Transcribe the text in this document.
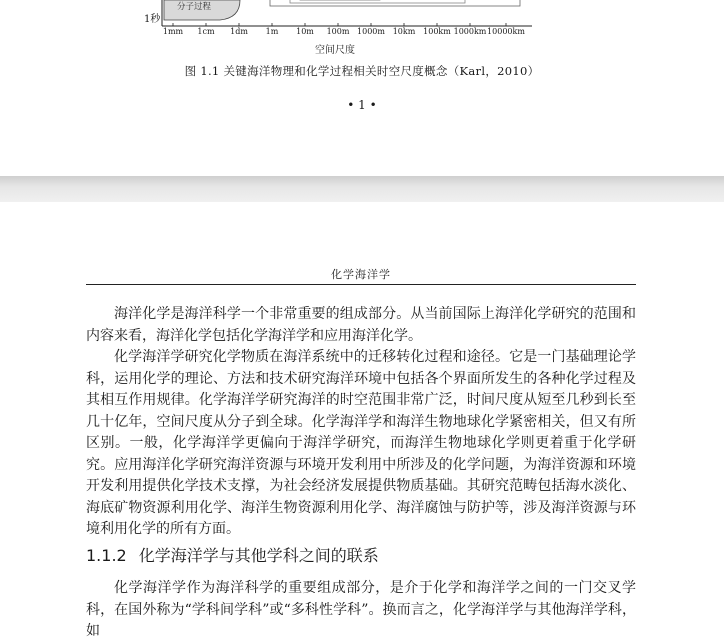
1秒
分子过程
1mm 1cm 1dm 1m 10m 100m 1000m 10km 100km 1000km 10000km
空间尺度
图 1.1 关键海洋物理和化学过程相关时空尺度概念（Karl，2010）
• 1 •
化学海洋学

海洋化学是海洋科学一个非常重要的组成部分。从当前国际上海洋化学研究的范围和内容来看，海洋化学包括化学海洋学和应用海洋化学。

化学海洋学研究化学物质在海洋系统中的迁移转化过程和途径。它是一门基础理论学科，运用化学的理论、方法和技术研究海洋环境中包括各个界面所发生的各种化学过程及其相互作用规律。化学海洋学研究海洋的时空范围非常广泛，时间尺度从短至几秒到长至几十亿年，空间尺度从分子到全球。化学海洋学和海洋生物地球化学紧密相关，但又有所区别。一般，化学海洋学更偏向于海洋学研究，而海洋生物地球化学则更着重于化学研究。应用海洋化学研究海洋资源与环境开发利用中所涉及的化学问题，为海洋资源和环境开发利用提供化学技术支撑，为社会经济发展提供物质基础。其研究范畴包括海水淡化、海底矿物资源利用化学、海洋生物资源利用化学、海洋腐蚀与防护等，涉及海洋资源与环境利用化学的所有方面。

1.1.2 化学海洋学与其他学科之间的联系

化学海洋学作为海洋科学的重要组成部分，是介于化学和海洋学之间的一门交叉学科，在国外称为“学科间学科”或“多科性学科”。换而言之，化学海洋学与其他海洋学科，如
